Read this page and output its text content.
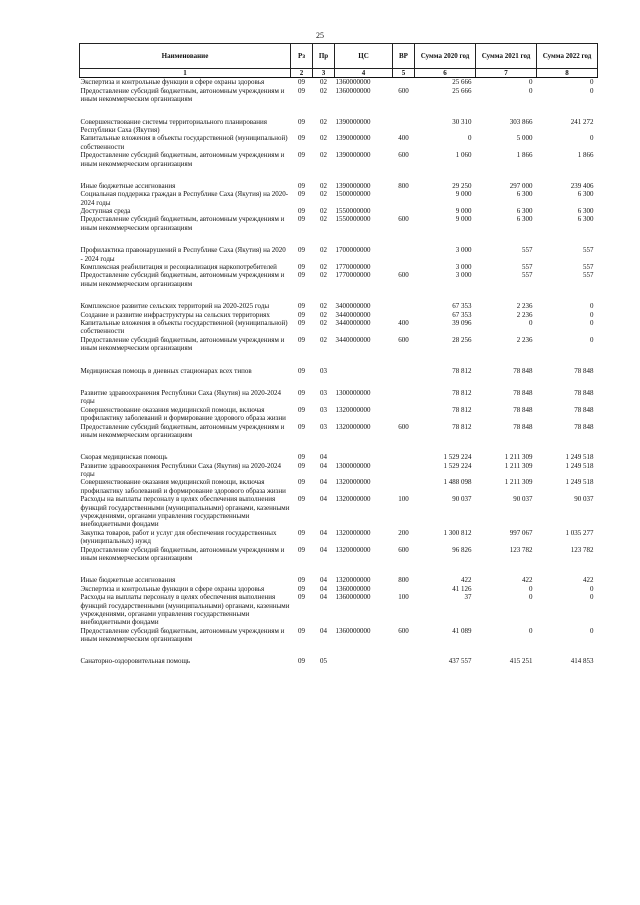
25
Наименование	Рз	Пр	ЦС	ВР	Сумма 2020 год	Сумма 2021 год	Сумма 2022 год
1	2	3	4	5	6	7	8
Экспертиза и контрольные функции в сфере охраны здоровья	09	02	1360000000		25 666	0	0
Предоставление субсидий бюджетным, автономным учреждениям и иным некоммерческим организациям	09	02	1360000000	600	25 666	0	0

Совершенствование системы территориального планирования Республики Саха (Якутия)	09	02	1390000000		30 310	303 866	241 272
Капитальные вложения в объекты государственной (муниципальной) собственности	09	02	1390000000	400	0	5 000	0
Предоставление субсидий бюджетным, автономным учреждениям и иным некоммерческим организациям	09	02	1390000000	600	1 060	1 866	1 866

Иные бюджетные ассигнования	09	02	1390000000	800	29 250	297 000	239 406
Социальная поддержка граждан в Республике Саха (Якутия) на 2020-2024 годы	09	02	1500000000		9 000	6 300	6 300
Доступная среда	09	02	1550000000		9 000	6 300	6 300
Предоставление субсидий бюджетным, автономным учреждениям и иным некоммерческим организациям	09	02	1550000000	600	9 000	6 300	6 300

Профилактика правонарушений в Республике Саха (Якутия) на 2020 - 2024 годы	09	02	1700000000		3 000	557	557
Комплексная реабилитация и ресоциализация наркопотребителей	09	02	1770000000		3 000	557	557
Предоставление субсидий бюджетным, автономным учреждениям и иным некоммерческим организациям	09	02	1770000000	600	3 000	557	557

Комплексное развитие сельских территорий на 2020-2025 годы	09	02	3400000000		67 353	2 236	0
Создание и развитие инфраструктуры на сельских территориях	09	02	3440000000		67 353	2 236	0
Капитальные вложения в объекты государственной (муниципальной) собственности	09	02	3440000000	400	39 096	0	0
Предоставление субсидий бюджетным, автономным учреждениям и иным некоммерческим организациям	09	02	3440000000	600	28 256	2 236	0

Медицинская помощь в дневных стационарах всех типов	09	03			78 812	78 848	78 848

Развитие здравоохранения Республики Саха (Якутия) на 2020-2024 годы	09	03	1300000000		78 812	78 848	78 848
Совершенствование оказания медицинской помощи, включая профилактику заболеваний и формирование здорового образа жизни	09	03	1320000000		78 812	78 848	78 848
Предоставление субсидий бюджетным, автономным учреждениям и иным некоммерческим организациям	09	03	1320000000	600	78 812	78 848	78 848

Скорая медицинская помощь	09	04			1 529 224	1 211 309	1 249 518
Развитие здравоохранения Республики Саха (Якутия) на 2020-2024 годы	09	04	1300000000		1 529 224	1 211 309	1 249 518
Совершенствование оказания медицинской помощи, включая профилактику заболеваний и формирование здорового образа жизни	09	04	1320000000		1 488 098	1 211 309	1 249 518
Расходы на выплаты персоналу в целях обеспечения выполнения функций государственными (муниципальными) органами, казенными учреждениями, органами управления государственными внебюджетными фондами	09	04	1320000000	100	90 037	90 037	90 037
Закупка товаров, работ и услуг для обеспечения государственных (муниципальных) нужд	09	04	1320000000	200	1 300 812	997 067	1 035 277
Предоставление субсидий бюджетным, автономным учреждениям и иным некоммерческим организациям	09	04	1320000000	600	96 826	123 782	123 782

Иные бюджетные ассигнования	09	04	1320000000	800	422	422	422
Экспертиза и контрольные функции в сфере охраны здоровья	09	04	1360000000		41 126	0	0
Расходы на выплаты персоналу в целях обеспечения выполнения функций государственными (муниципальными) органами, казенными учреждениями, органами управления государственными внебюджетными фондами	09	04	1360000000	100	37	0	0
Предоставление субсидий бюджетным, автономным учреждениям и иным некоммерческим организациям	09	04	1360000000	600	41 089	0	0

Санаторно-оздоровительная помощь	09	05			437 557	415 251	414 853
